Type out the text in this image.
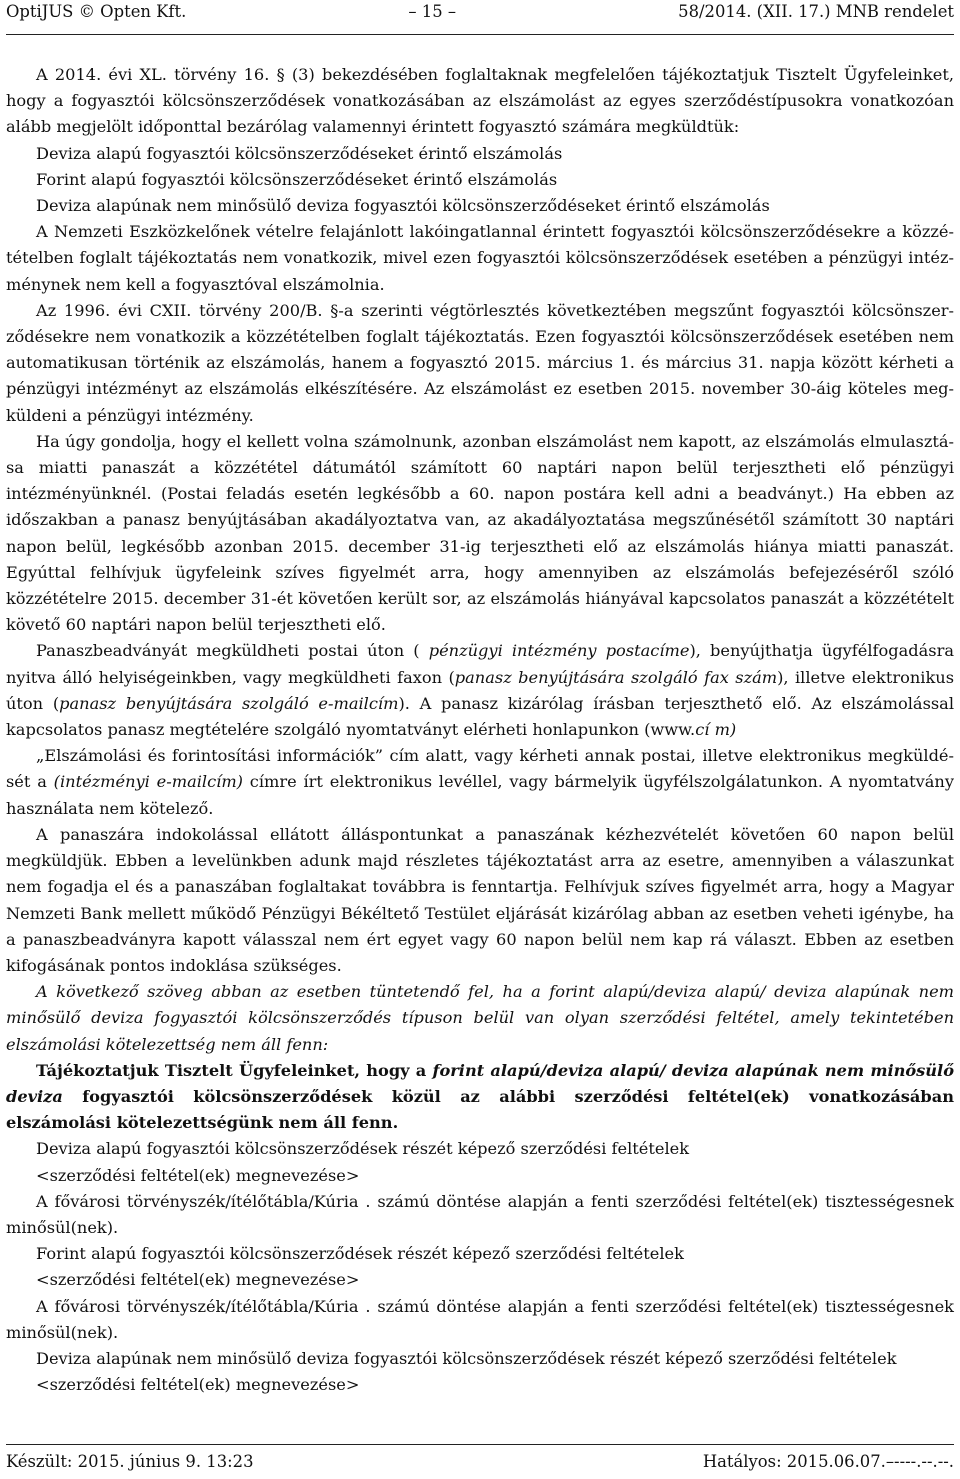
OptiJUS © Opten Kft.	– 15 –	58/2014. (XII. 17.) MNB rendelet

A 2014. évi XL. törvény 16. § (3) bekezdésében foglaltaknak megfelelően tájékoztatjuk Tisztelt Ügyfeleinket, hogy a fogyasztói kölcsönszerződések vonatkozásában az elszámolást az egyes szerződéstípusokra vonatkozóan alább megjelölt időponttal bezárólag valamennyi érintett fogyasztó számára megküldtük:

Deviza alapú fogyasztói kölcsönszerződéseket érintő elszámolás

Forint alapú fogyasztói kölcsönszerződéseket érintő elszámolás

Deviza alapúnak nem minősülő deviza fogyasztói kölcsönszerződéseket érintő elszámolás

A Nemzeti Eszközkelőnek vételre felajánlott lakóingatlannal érintett fogyasztói kölcsönszerződésekre a közzétételben foglalt tájékoztatás nem vonatkozik, mivel ezen fogyasztói kölcsönszerződések esetében a pénzügyi intézménynek nem kell a fogyasztóval elszámolnia.

Az 1996. évi CXII. törvény 200/B. §-a szerinti végtörlesztés következtében megszűnt fogyasztói kölcsönszerződésekre nem vonatkozik a közzétételben foglalt tájékoztatás. Ezen fogyasztói kölcsönszerződések esetében nem automatikusan történik az elszámolás, hanem a fogyasztó 2015. március 1. és március 31. napja között kérheti a pénzügyi intézményt az elszámolás elkészítésére. Az elszámolást ez esetben 2015. november 30-áig köteles megküldeni a pénzügyi intézmény.

Ha úgy gondolja, hogy el kellett volna számolnunk, azonban elszámolást nem kapott, az elszámolás elmulasztása miatti panaszát a közzététel dátumától számított 60 naptári napon belül terjesztheti elő pénzügyi intézményünknél. (Postai feladás esetén legkésőbb a 60. napon postára kell adni a beadványt.) Ha ebben az időszakban a panasz benyújtásában akadályoztatva van, az akadályoztatása megszűnésétől számított 30 naptári napon belül, legkésőbb azonban 2015. december 31-ig terjesztheti elő az elszámolás hiánya miatti panaszát. Egyúttal felhívjuk ügyfeleink szíves figyelmét arra, hogy amennyiben az elszámolás befejezéséről szóló közzétételre 2015. december 31-ét követően került sor, az elszámolás hiányával kapcsolatos panaszát a közzétételt követő 60 naptári napon belül terjesztheti elő.

Panaszbeadványát megküldheti postai úton ( pénzügyi intézmény postacíme), benyújthatja ügyfélfogadásra nyitva álló helyiségeinkben, vagy megküldheti faxon (panasz benyújtására szolgáló fax szám), illetve elektronikus úton (panasz benyújtására szolgáló e-mailcím). A panasz kizárólag írásban terjeszthető elő. Az elszámolással kapcsolatos panasz megtételére szolgáló nyomtatványt elérheti honlapunkon (www.cí m)

„Elszámolási és forintosítási információk” cím alatt, vagy kérheti annak postai, illetve elektronikus megküldését a (intézményi e-mailcím) címre írt elektronikus levéllel, vagy bármelyik ügyfélszolgálatunkon. A nyomtatvány használata nem kötelező.

A panaszára indokolással ellátott álláspontunkat a panaszának kézhezvételét követően 60 napon belül megküldjük. Ebben a levelünkben adunk majd részletes tájékoztatást arra az esetre, amennyiben a válaszunkat nem fogadja el és a panaszában foglaltakat továbbra is fenntartja. Felhívjuk szíves figyelmét arra, hogy a Magyar Nemzeti Bank mellett működő Pénzügyi Békéltető Testület eljárását kizárólag abban az esetben veheti igénybe, ha a panaszbeadványra kapott válasszal nem ért egyet vagy 60 napon belül nem kap rá választ. Ebben az esetben kifogásának pontos indoklása szükséges.

A következő szöveg abban az esetben tüntetendő fel, ha a forint alapú/deviza alapú/ deviza alapúnak nem minősülő deviza fogyasztói kölcsönszerződés típuson belül van olyan szerződési feltétel, amely tekintetében elszámolási kötelezettség nem áll fenn:

Tájékoztatjuk Tisztelt Ügyfeleinket, hogy a forint alapú/deviza alapú/ deviza alapúnak nem minősülő deviza fogyasztói kölcsönszerződések közül az alábbi szerződési feltétel(ek) vonatkozásában elszámolási kötelezettségünk nem áll fenn.

Deviza alapú fogyasztói kölcsönszerződések részét képező szerződési feltételek

<szerződési feltétel(ek) megnevezése>

A fővárosi törvényszék/ítélőtábla/Kúria . számú döntése alapján a fenti szerződési feltétel(ek) tisztességesnek minősül(nek).

Forint alapú fogyasztói kölcsönszerződések részét képező szerződési feltételek

<szerződési feltétel(ek) megnevezése>

A fővárosi törvényszék/ítélőtábla/Kúria . számú döntése alapján a fenti szerződési feltétel(ek) tisztességesnek minősül(nek).

Deviza alapúnak nem minősülő deviza fogyasztói kölcsönszerződések részét képező szerződési feltételek

<szerződési feltétel(ek) megnevezése>

Készült: 2015. június 9. 13:23	Hatályos: 2015.06.07.–----.--.--.
